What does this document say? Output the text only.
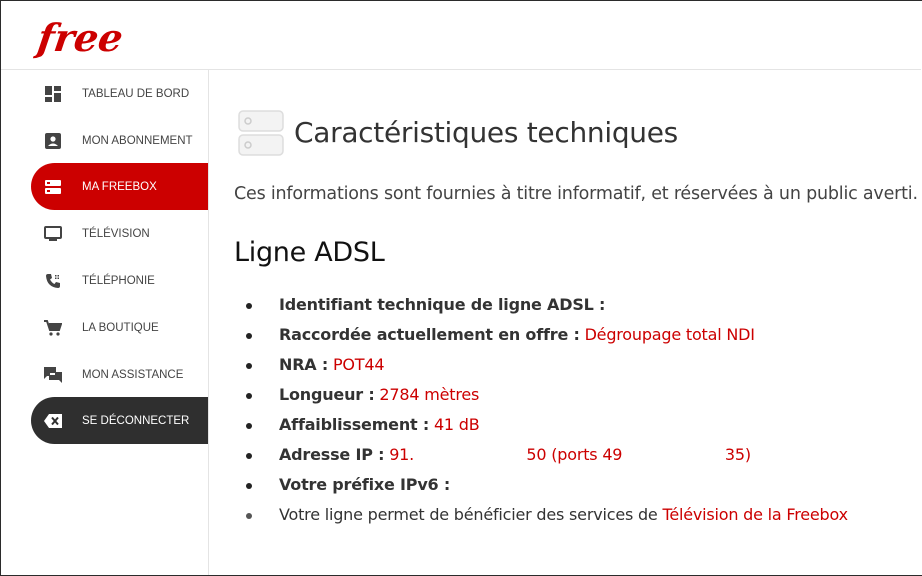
free
TABLEAU DE BORD
MON ABONNEMENT
MA FREEBOX
TÉLÉVISION
TÉLÉPHONIE
LA BOUTIQUE
MON ASSISTANCE
SE DÉCONNECTER
Caractéristiques techniques
Ces informations sont fournies à titre informatif, et réservées à un public averti.
Ligne ADSL
Identifiant technique de ligne ADSL :
Raccordée actuellement en offre : Dégroupage total NDI
NRA : POT44
Longueur : 2784 mètres
Affaiblissement : 41 dB
Adresse IP : 91.                       50 (ports 49                     35)
Votre préfixe IPv6 :
Votre ligne permet de bénéficier des services de Télévision de la Freebox
